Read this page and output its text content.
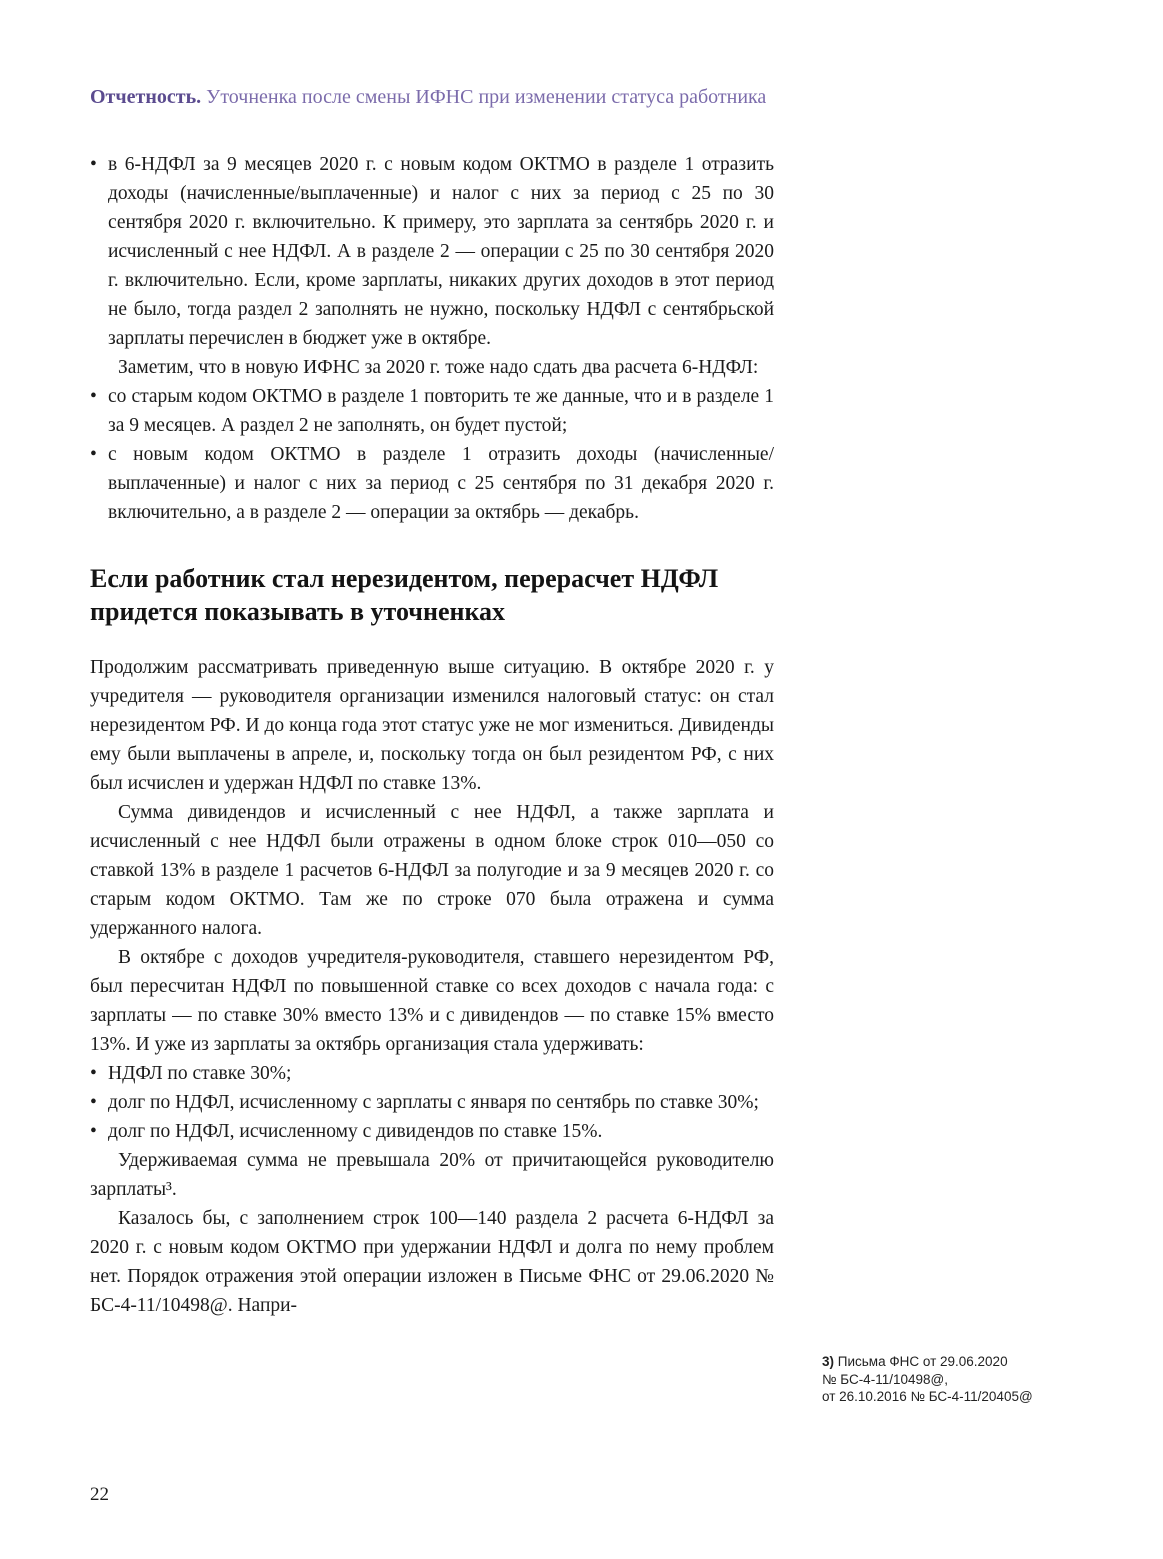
Отчетность. Уточненка после смены ИФНС при изменении статуса работника
• в 6-НДФЛ за 9 месяцев 2020 г. с новым кодом ОКТМО в разделе 1 отразить доходы (начисленные/выплаченные) и налог с них за период с 25 по 30 сентября 2020 г. включительно. К примеру, это зарплата за сентябрь 2020 г. и исчисленный с нее НДФЛ. А в разделе 2 — операции с 25 по 30 сентября 2020 г. включительно. Если, кроме зарплаты, никаких других доходов в этот период не было, тогда раздел 2 заполнять не нужно, поскольку НДФЛ с сентябрьской зарплаты перечислен в бюджет уже в октябре.

Заметим, что в новую ИФНС за 2020 г. тоже надо сдать два расчета 6-НДФЛ:

• со старым кодом ОКТМО в разделе 1 повторить те же данные, что и в разделе 1 за 9 месяцев. А раздел 2 не заполнять, он будет пустой;

• с новым кодом ОКТМО в разделе 1 отразить доходы (начисленные/выплаченные) и налог с них за период с 25 сентября по 31 декабря 2020 г. включительно, а в разделе 2 — операции за октябрь — декабрь.

Если работник стал нерезидентом, перерасчет НДФЛ придется показывать в уточненках

Продолжим рассматривать приведенную выше ситуацию. В октябре 2020 г. у учредителя — руководителя организации изменился налоговый статус: он стал нерезидентом РФ. И до конца года этот статус уже не мог измениться. Дивиденды ему были выплачены в апреле, и, поскольку тогда он был резидентом РФ, с них был исчислен и удержан НДФЛ по ставке 13%.

Сумма дивидендов и исчисленный с нее НДФЛ, а также зарплата и исчисленный с нее НДФЛ были отражены в одном блоке строк 010—050 со ставкой 13% в разделе 1 расчетов 6-НДФЛ за полугодие и за 9 месяцев 2020 г. со старым кодом ОКТМО. Там же по строке 070 была отражена и сумма удержанного налога.

В октябре с доходов учредителя-руководителя, ставшего нерезидентом РФ, был пересчитан НДФЛ по повышенной ставке со всех доходов с начала года: с зарплаты — по ставке 30% вместо 13% и с дивидендов — по ставке 15% вместо 13%. И уже из зарплаты за октябрь организация стала удерживать:

• НДФЛ по ставке 30%;

• долг по НДФЛ, исчисленному с зарплаты с января по сентябрь по ставке 30%;

• долг по НДФЛ, исчисленному с дивидендов по ставке 15%.

Удерживаемая сумма не превышала 20% от причитающейся руководителю зарплаты³.

Казалось бы, с заполнением строк 100—140 раздела 2 расчета 6-НДФЛ за 2020 г. с новым кодом ОКТМО при удержании НДФЛ и долга по нему проблем нет. Порядок отражения этой операции изложен в Письме ФНС от 29.06.2020 № БС-4-11/10498@. Напри-

3) Письма ФНС от 29.06.2020
№ БС-4-11/10498@,
от 26.10.2016 № БС-4-11/20405@
22
